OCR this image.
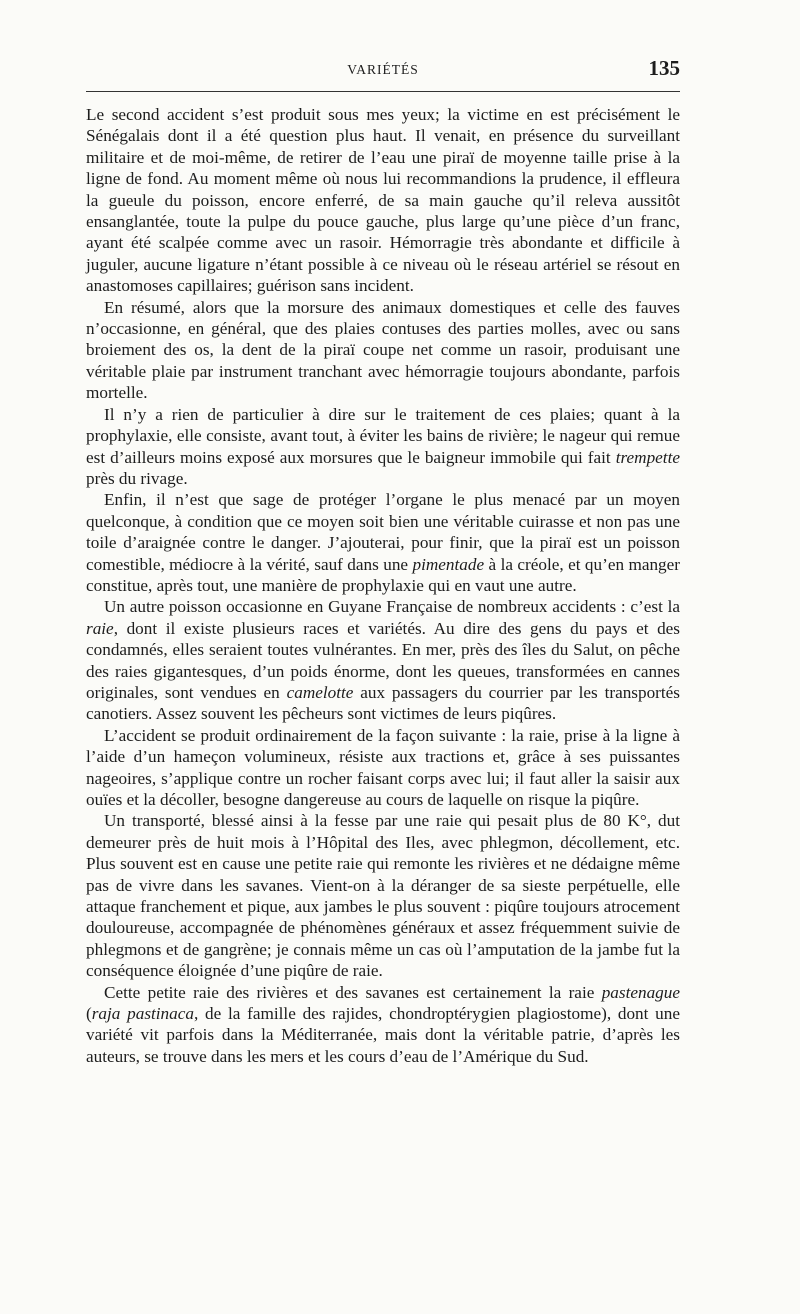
VARIÉTÉS	135

Le second accident s’est produit sous mes yeux; la victime en est précisément le Sénégalais dont il a été question plus haut. Il venait, en présence du surveillant militaire et de moi-même, de retirer de l’eau une piraï de moyenne taille prise à la ligne de fond. Au moment même où nous lui recommandions la prudence, il effleura la gueule du poisson, encore enferré, de sa main gauche qu’il releva aussitôt ensanglantée, toute la pulpe du pouce gauche, plus large qu’une pièce d’un franc, ayant été scalpée comme avec un rasoir. Hémorragie très abondante et difficile à juguler, aucune ligature n’étant possible à ce niveau où le réseau artériel se résout en anastomoses capillaires; guérison sans incident.

En résumé, alors que la morsure des animaux domestiques et celle des fauves n’occasionne, en général, que des plaies contuses des parties molles, avec ou sans broiement des os, la dent de la piraï coupe net comme un rasoir, produisant une véritable plaie par instrument tranchant avec hémorragie toujours abondante, parfois mortelle.

Il n’y a rien de particulier à dire sur le traitement de ces plaies; quant à la prophylaxie, elle consiste, avant tout, à éviter les bains de rivière; le nageur qui remue est d’ailleurs moins exposé aux morsures que le baigneur immobile qui fait trempette près du rivage.

Enfin, il n’est que sage de protéger l’organe le plus menacé par un moyen quelconque, à condition que ce moyen soit bien une véritable cuirasse et non pas une toile d’araignée contre le danger. J’ajouterai, pour finir, que la piraï est un poisson comestible, médiocre à la vérité, sauf dans une pimentade à la créole, et qu’en manger constitue, après tout, une manière de prophylaxie qui en vaut une autre.

Un autre poisson occasionne en Guyane Française de nombreux accidents : c’est la raie, dont il existe plusieurs races et variétés. Au dire des gens du pays et des condamnés, elles seraient toutes vulnérantes. En mer, près des îles du Salut, on pêche des raies gigantesques, d’un poids énorme, dont les queues, transformées en cannes originales, sont vendues en camelotte aux passagers du courrier par les transportés canotiers. Assez souvent les pêcheurs sont victimes de leurs piqûres.

L’accident se produit ordinairement de la façon suivante : la raie, prise à la ligne à l’aide d’un hameçon volumineux, résiste aux tractions et, grâce à ses puissantes nageoires, s’applique contre un rocher faisant corps avec lui; il faut aller la saisir aux ouïes et la décoller, besogne dangereuse au cours de laquelle on risque la piqûre.

Un transporté, blessé ainsi à la fesse par une raie qui pesait plus de 80 K°, dut demeurer près de huit mois à l’Hôpital des Iles, avec phlegmon, décollement, etc. Plus souvent est en cause une petite raie qui remonte les rivières et ne dédaigne même pas de vivre dans les savanes. Vient-on à la déranger de sa sieste perpétuelle, elle attaque franchement et pique, aux jambes le plus souvent : piqûre toujours atrocement douloureuse, accompagnée de phénomènes généraux et assez fréquemment suivie de phlegmons et de gangrène; je connais même un cas où l’amputation de la jambe fut la conséquence éloignée d’une piqûre de raie.

Cette petite raie des rivières et des savanes est certainement la raie pastenague (raja pastinaca, de la famille des rajides, chondroptérygien plagiostome), dont une variété vit parfois dans la Méditerranée, mais dont la véritable patrie, d’après les auteurs, se trouve dans les mers et les cours d’eau de l’Amérique du Sud.
